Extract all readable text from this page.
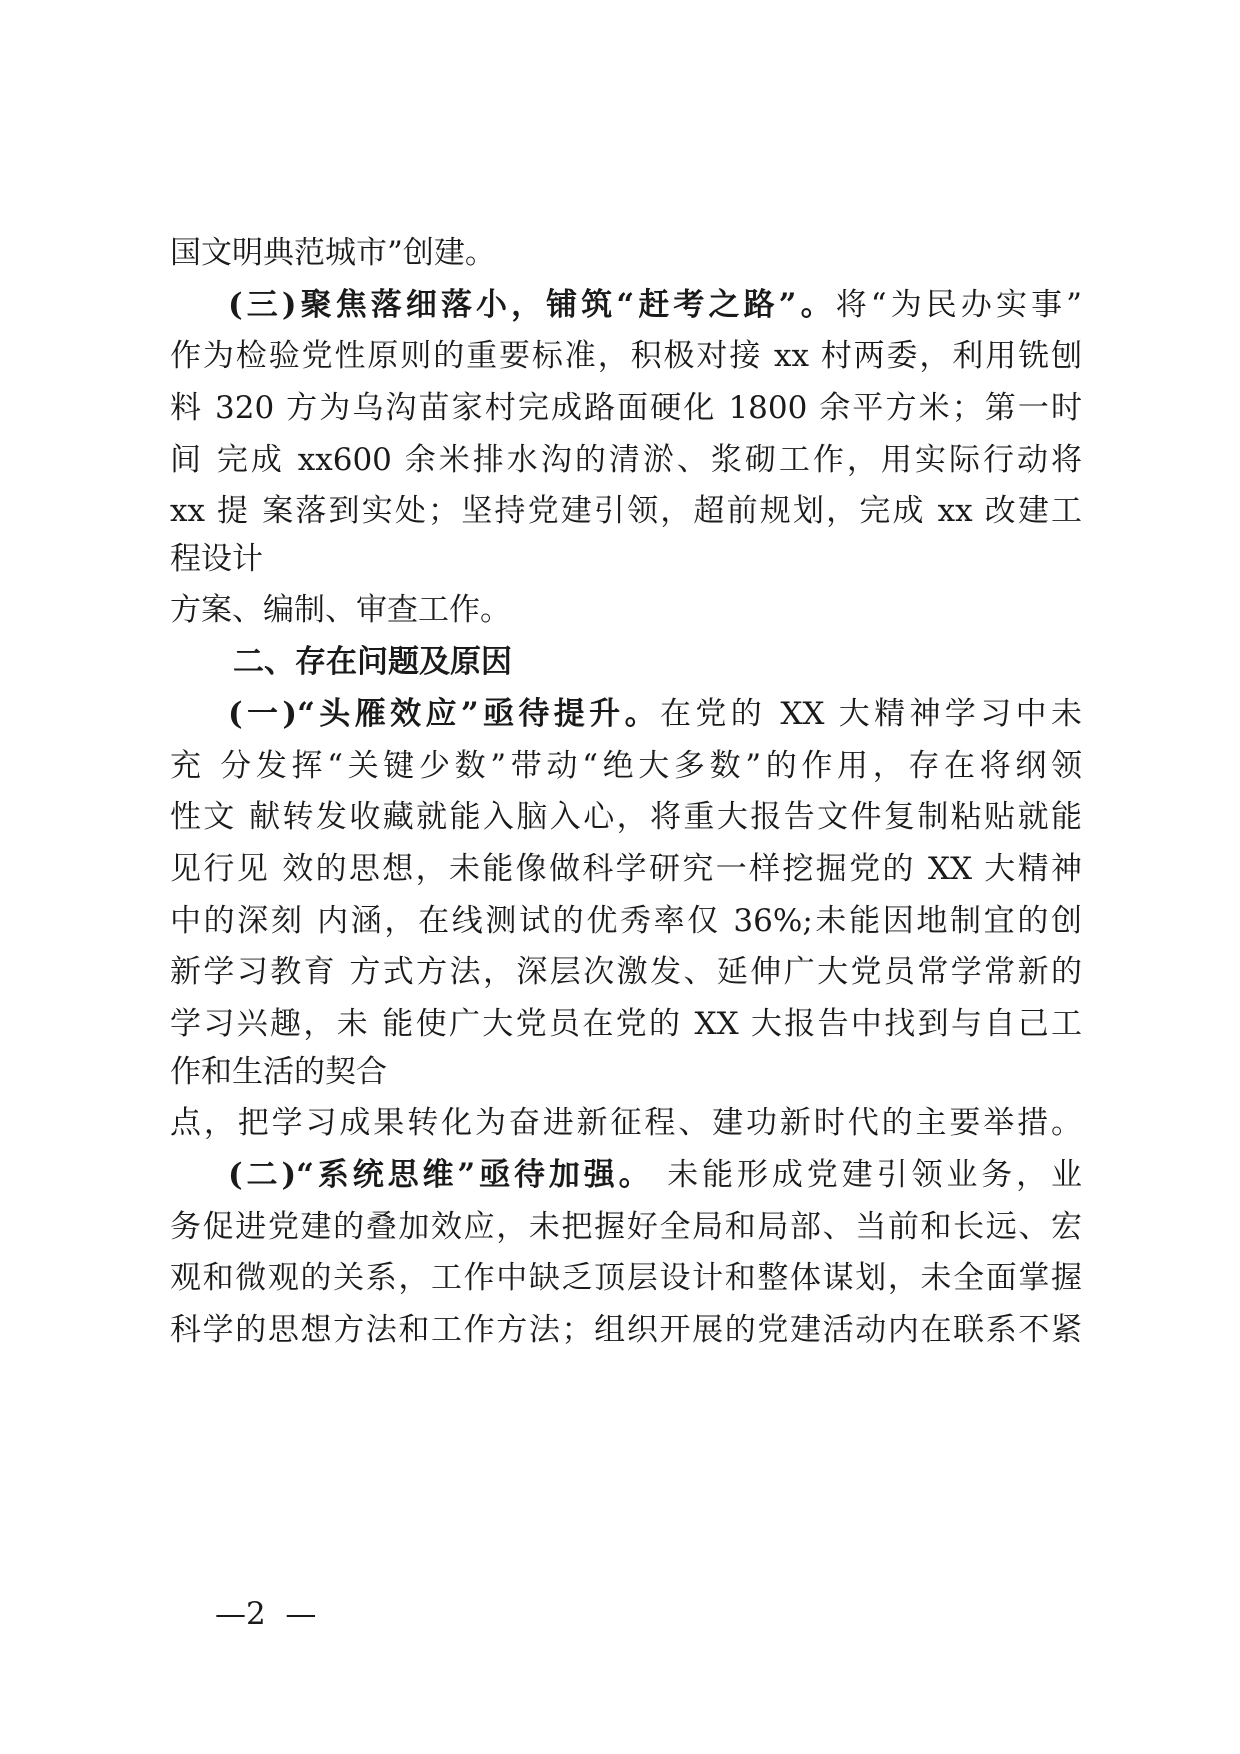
国文明典范城市”创建。
(三)聚焦落细落小，铺筑“赶考之路”。将“为民办实事”
作为检验党性原则的重要标准，积极对接 xx 村两委，利用铣刨
料 320 方为乌沟苗家村完成路面硬化 1800 余平方米；第一时
间 完成 xx600 余米排水沟的清淤、浆砌工作，用实际行动将
xx 提 案落到实处；坚持党建引领，超前规划，完成 xx 改建工
程设计
方案、编制、审查工作。
二、存在问题及原因
(一)“头雁效应”亟待提升。在党的 XX 大精神学习中未
充 分发挥“关键少数”带动“绝大多数”的作用，存在将纲领
性文 献转发收藏就能入脑入心，将重大报告文件复制粘贴就能
见行见 效的思想，未能像做科学研究一样挖掘党的 XX 大精神
中的深刻 内涵，在线测试的优秀率仅 36%;未能因地制宜的创
新学习教育 方式方法，深层次激发、延伸广大党员常学常新的
学习兴趣，未 能使广大党员在党的 XX 大报告中找到与自己工
作和生活的契合
点，把学习成果转化为奋进新征程、建功新时代的主要举措。
(二)“系统思维”亟待加强。 未能形成党建引领业务，业
务促进党建的叠加效应，未把握好全局和局部、当前和长远、宏
观和微观的关系，工作中缺乏顶层设计和整体谋划，未全面掌握
科学的思想方法和工作方法；组织开展的党建活动内在联系不紧
—2  —
